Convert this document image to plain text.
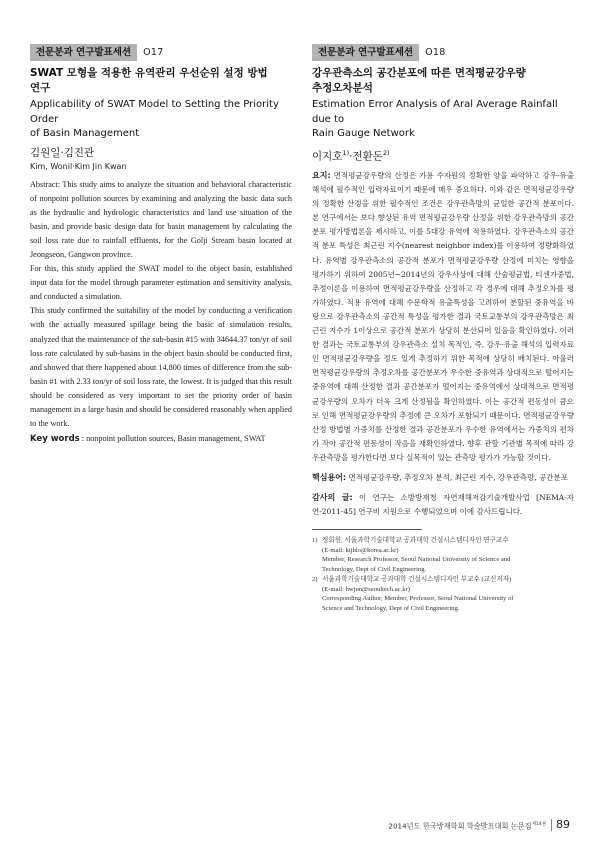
전문분과 연구발표세션	O17
SWAT 모형을 적용한 유역관리 우선순위 설정 방법
연구
Applicability of SWAT Model to Setting the Priority Order
of Basin Management
김원일·김진관
Kim, Wonil·Kim Jin Kwan

Abstract: This study aims to analyze the situation and behavioral characteristic of nonpoint pollution sources by examining and analyzing the basic data such as the hydraulic and hydrologic characteristics and land use situation of the basin, and provide basic design data for basin management by calculating the soil loss rate due to rainfall effluents, for the Golji Stream basin located at Jeongseon, Gangwon province.

For this, this study applied the SWAT model to the object basin, established input data for the model through parameter estimation and sensitivity analysis, and conducted a simulation.

This study confirmed the suitability of the model by conducting a verification with the actually measured spillage being the basic of simulation results, analyzed that the maintenance of the sub-basin #15 with 34644.37 ton/yr of soil loss rate calculated by sub-basins in the object basin should be conducted first, and showed that there happened about 14,800 times of difference from the sub-basin #1 with 2.33 ton/yr of soil loss rate, the lowest. It is judged that this result should be considered as very important to set the priority order of basin management in a large basin and should be considered reasonably when applied to the work.

Key words : nonpoint pollution sources, Basin management, SWAT
전문분과 연구발표세션	O18
강우관측소의 공간분포에 따른 면적평균강우량
추정오차분석
Estimation Error Analysis of Aral Average Rainfall due to
Rain Gauge Network
이지호$^{1)}$·전환돈$^{2)}$

요지: 면적평균강우량의 산정은 가용 수자원의 정확한 양을 파악하고 강우-유출해석에 필수적인 입력자료이기 때문에 매우 중요하다. 이와 같은 면적평균강우량의 정확한 산정을 위한 필수적인 조건은 강우관측망의 균일한 공간적 분포이다. 본 연구에서는 보다 향상된 유역 면적평균강우량 산정을 위한 강우관측망의 공간분포 평가방법론을 제시하고, 이를 5대강 유역에 적용하였다. 강우관측소의 공간적 분포 특성은 최근린 지수(nearest neighbor index)를 이용하여 정량화하였다. 유역별 강우관측소의 공간적 분포가 면적평균강우량 산정에 미치는 영향을 평가하기 위하여 2005년~2014년의 강우사상에 대해 산술평균법, 티센가중법, 추정이론을 이용하여 면적평균강우량을 산정하고 각 경우에 대해 추정오차를 평가하였다. 적용 유역에 대해 수문학적 유출특성을 고려하여 분할된 중유역을 바탕으로 강우관측소의 공간적 특성을 평가한 결과 국토교통부의 강우관측망은 최근린 지수가 1이상으로 공간적 분포가 상당히 분산되어 있음을 확인하였다. 이러한 결과는 국토교통부의 강우관측소 설치 목적인, 즉, 강우-유출 해석의 입력자료인 면적평균강우량을 정도 있게 추정하기 위한 목적에 상당히 배치된다. 아울러 면적평균강우량의 추정오차를 공간분포가 우수한 중유역과 상대적으로 떨어지는 중유역에 대해 산정한 결과 공간분포가 떨어지는 중유역에서 상대적으로 면적평균강우량의 오차가 더욱 크게 산정됨을 확인하였다. 이는 공간적 편동성이 큼으로 인해 면적평균강우량의 추정에 큰 오차가 포함되기 때문이다. 면적평균강우량 산정 방법별 가중치를 산정한 결과 공간분포가 우수한 유역에서는 가중치의 편차가 작아 공간적 편동성이 작음을 재확인하였다. 향후 관할 기관별 목적에 따라 강우관측망을 평가한다면 보다 실목적이 있는 관측망 평가가 가능할 것이다.

핵심용어: 면적평균강우량, 추정오차 분석, 최근린 지수, 강우관측망, 공간분포
감사의 글: 이 연구는 소방방재청 자연재해저감기술개발사업 [NEMA-자연-2011-45] 연구비 지원으로 수행되었으며 이에 감사드립니다.
1) 정회원, 서울과학기술대학교 공과대학 건설시스템디자인 연구교수
(E-mail: kijhlo@korea.ac.kr)
Member, Research Professor, Seoul National University of Science and
Technology, Dept of Civil Engineering.
2) 서울과학기술대학교 공과대학 건설시스템디자인 부교수 (교신저자)
(E-mail: hwjun@seoultech.ac.kr)
Corresponding Author, Member, Professor, Seoul National University of
Science and Technology, Dept of Civil Engineering.
2014년도 한국방재학회 학술발표대회 논문집$^{제14권}$ 89
